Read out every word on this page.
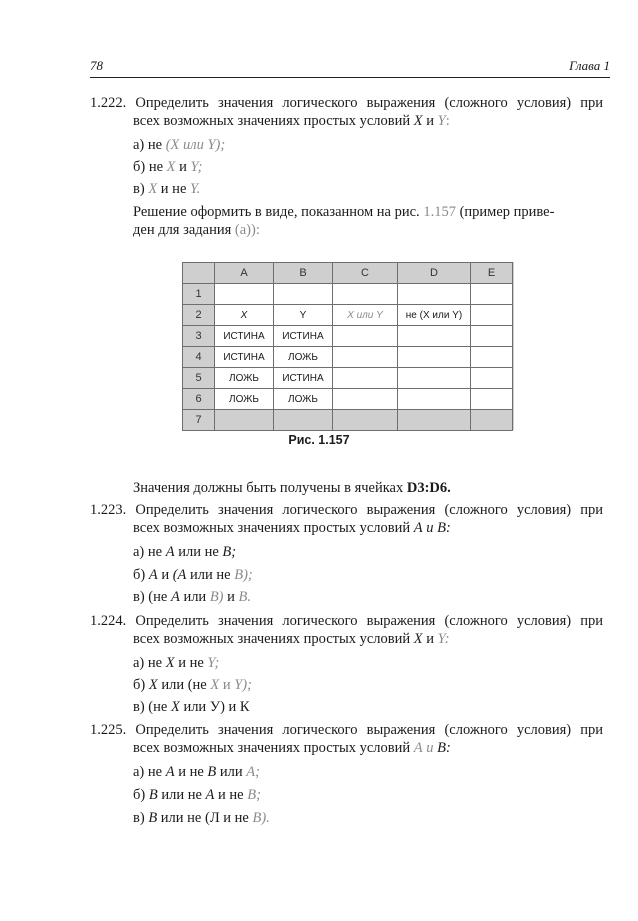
78	Глава 1
1.222. Определить значения логического выражения (сложного условия) при
всех возможных значениях простых условий X и Y:
а) не (X или Y);
б) не X и Y;
в) X и не Y.
Решение оформить в виде, показанном на рис. 1.157 (пример приве-
ден для задания (а)):
	A	B	C	D	E
1					
2	X	Y	X или Y	не (X или Y)	
3	ИСТИНА	ИСТИНА			
4	ИСТИНА	ЛОЖЬ			
5	ЛОЖЬ	ИСТИНА			
6	ЛОЖЬ	ЛОЖЬ			
7					
Рис. 1.157
Значения должны быть получены в ячейках D3:D6.
1.223. Определить значения логического выражения (сложного условия) при
всех возможных значениях простых условий А и В:
а) не А или не В;
б) А и (А или не В);
в) (не А или В) и В.
1.224. Определить значения логического выражения (сложного условия) при
всех возможных значениях простых условий X и Y:
а) не X и не Y;
б) X или (не X и Y);
в) (не X или У) и К
1.225. Определить значения логического выражения (сложного условия) при
всех возможных значениях простых условий А и В:
а) не А и не В или А;
б) В или не А и не В;
в) В или не (Л и не В).
